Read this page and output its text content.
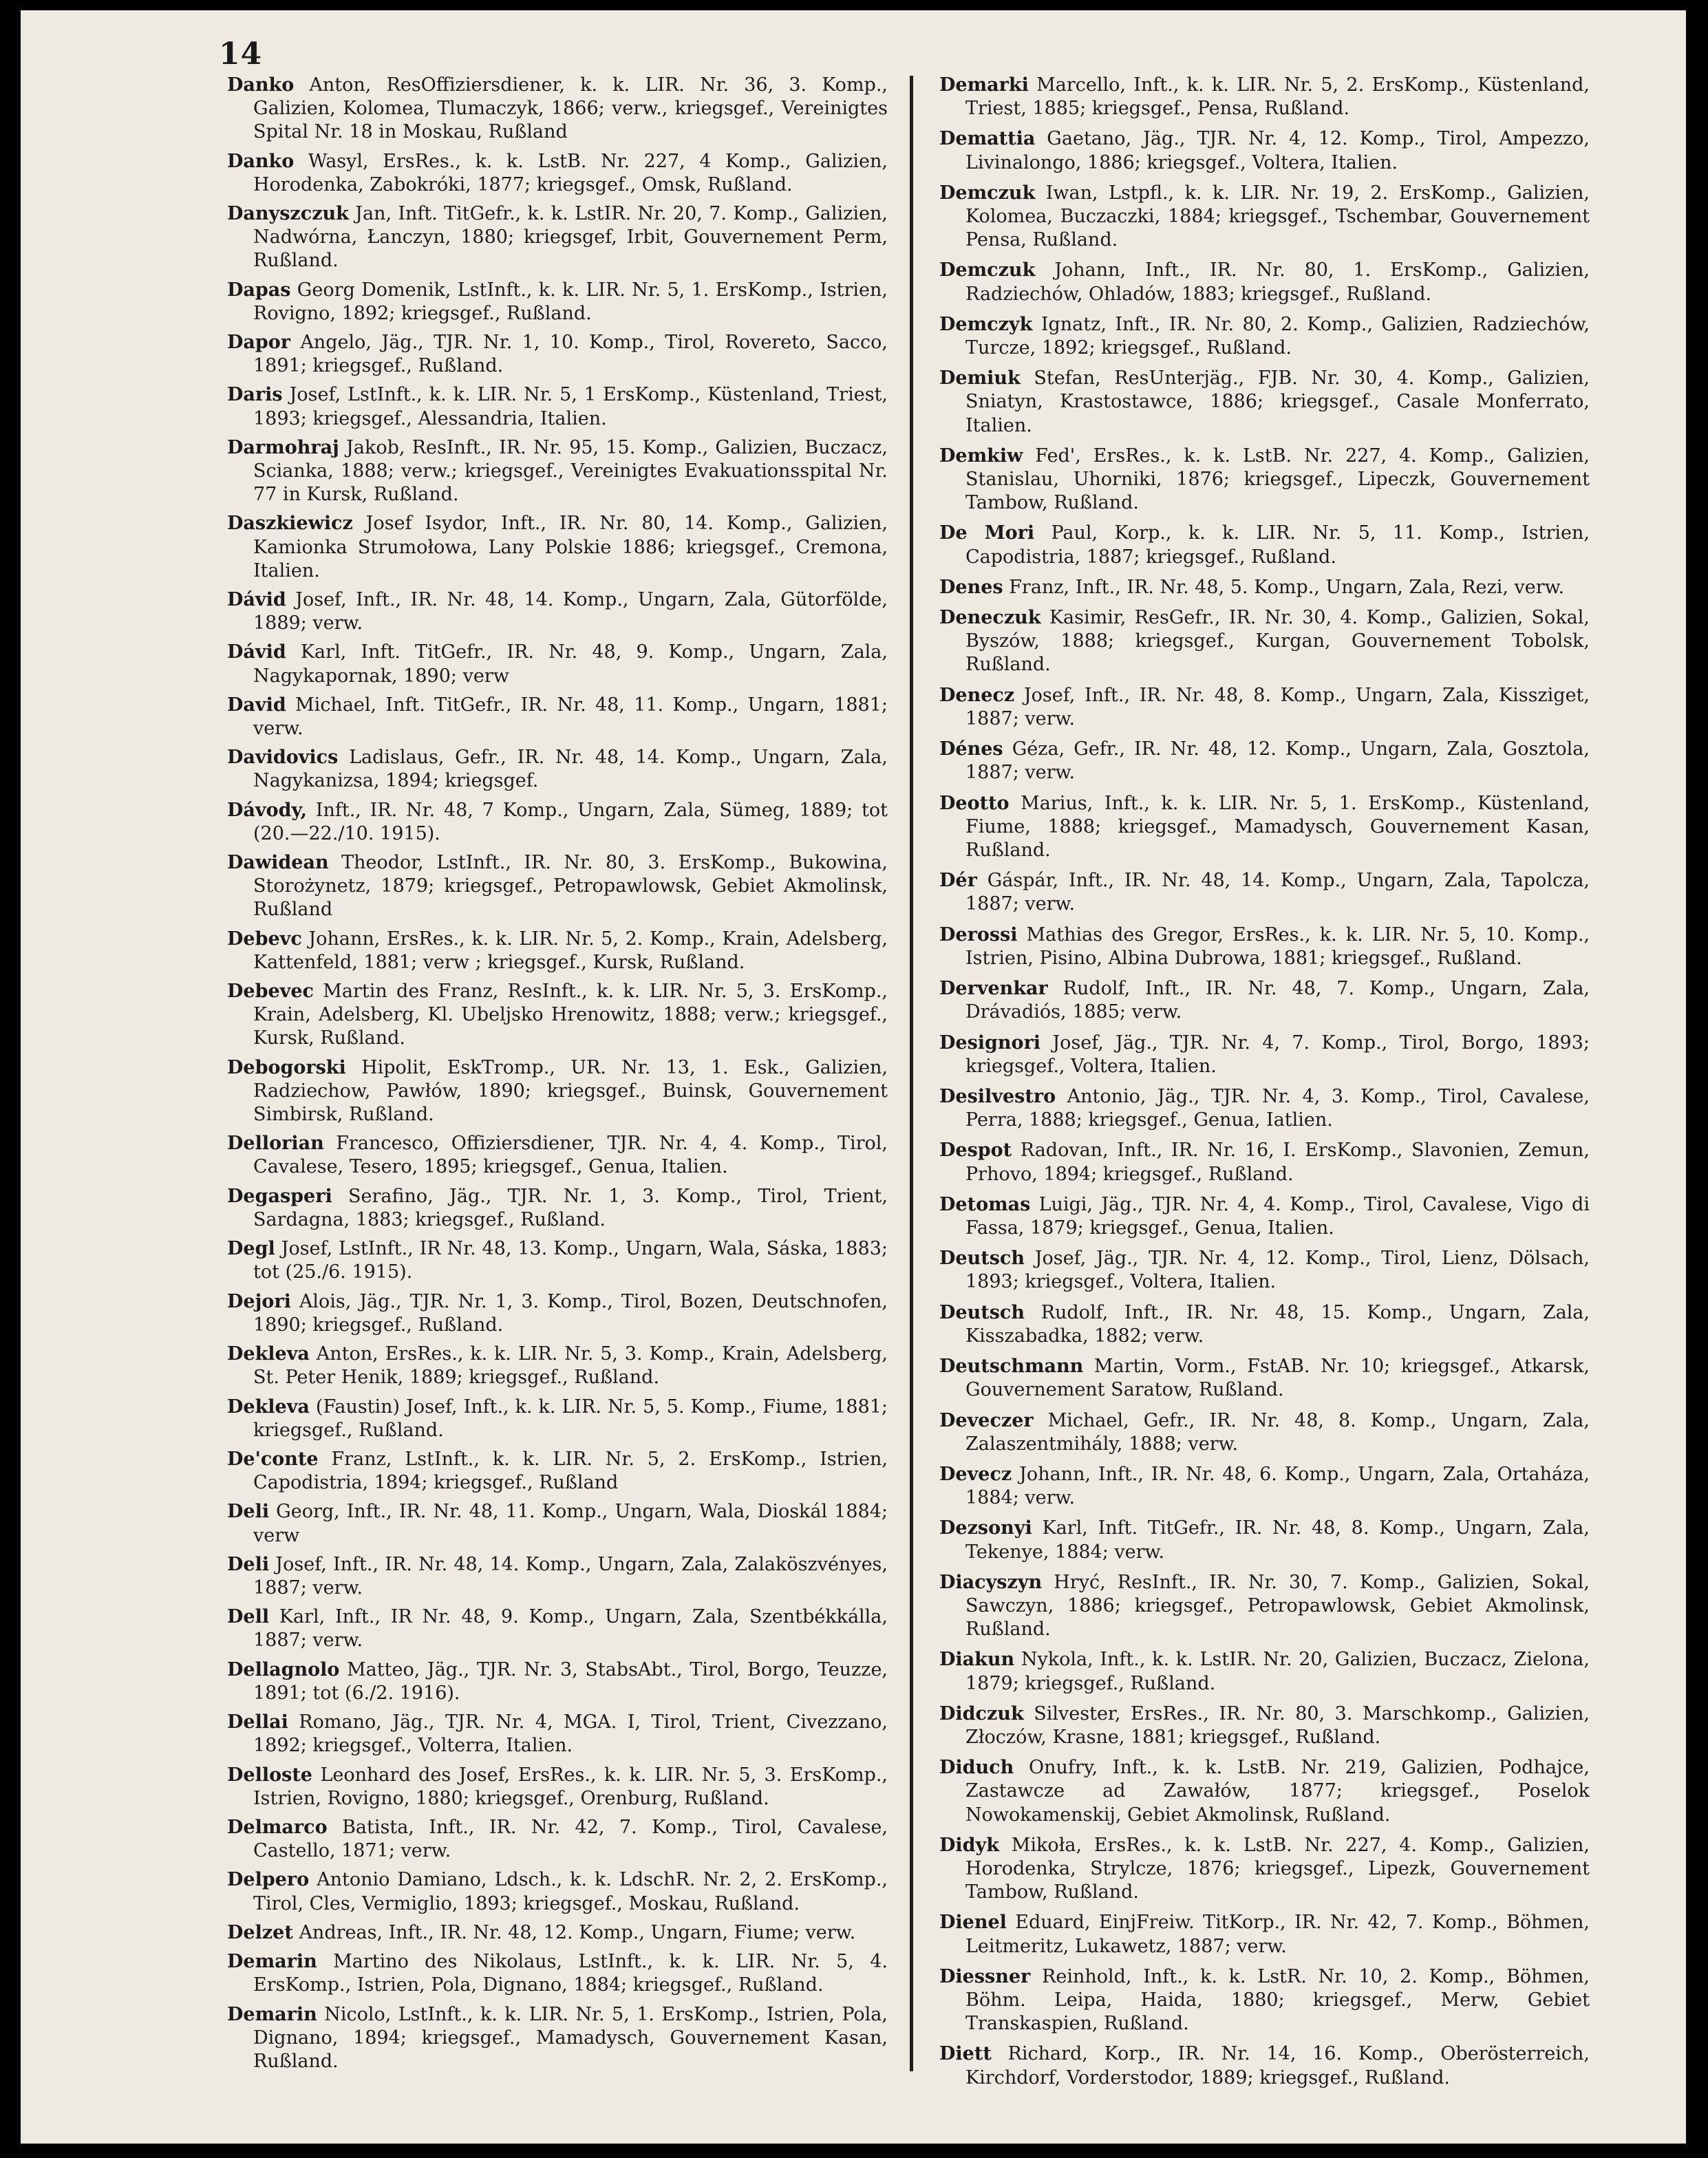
14

Danko Anton, ResOffiziersdiener, k. k. LIR. Nr. 36, 3. Komp., Galizien, Kolomea, Tlumaczyk, 1866; verw., kriegsgef., Vereinigtes Spital Nr. 18 in Moskau, Rußland

Danko Wasyl, ErsRes., k. k. LstB. Nr. 227, 4 Komp., Galizien, Horodenka, Zabokróki, 1877; kriegsgef., Omsk, Rußland.

Danyszczuk Jan, Inft. TitGefr., k. k. LstIR. Nr. 20, 7. Komp., Galizien, Nadwórna, Łanczyn, 1880; kriegsgef, Irbit, Gouvernement Perm, Rußland.

Dapas Georg Domenik, LstInft., k. k. LIR. Nr. 5, 1. ErsKomp., Istrien, Rovigno, 1892; kriegsgef., Rußland.

Dapor Angelo, Jäg., TJR. Nr. 1, 10. Komp., Tirol, Rovereto, Sacco, 1891; kriegsgef., Rußland.

Daris Josef, LstInft., k. k. LIR. Nr. 5, 1 ErsKomp., Küstenland, Triest, 1893; kriegsgef., Alessandria, Italien.

Darmohraj Jakob, ResInft., IR. Nr. 95, 15. Komp., Galizien, Buczacz, Scianka, 1888; verw.; kriegsgef., Vereinigtes Evakuationsspital Nr. 77 in Kursk, Rußland.

Daszkiewicz Josef Isydor, Inft., IR. Nr. 80, 14. Komp., Galizien, Kamionka Strumołowa, Lany Polskie 1886; kriegsgef., Cremona, Italien.

Dávid Josef, Inft., IR. Nr. 48, 14. Komp., Ungarn, Zala, Gütorfölde, 1889; verw.

Dávid Karl, Inft. TitGefr., IR. Nr. 48, 9. Komp., Ungarn, Zala, Nagykapornak, 1890; verw

David Michael, Inft. TitGefr., IR. Nr. 48, 11. Komp., Ungarn, 1881; verw.

Davidovics Ladislaus, Gefr., IR. Nr. 48, 14. Komp., Ungarn, Zala, Nagykanizsa, 1894; kriegsgef.

Dávody, Inft., IR. Nr. 48, 7 Komp., Ungarn, Zala, Sümeg, 1889; tot (20.—22./10. 1915).

Dawidean Theodor, LstInft., IR. Nr. 80, 3. ErsKomp., Bukowina, Storożynetz, 1879; kriegsgef., Petropawlowsk, Gebiet Akmolinsk, Rußland

Debevc Johann, ErsRes., k. k. LIR. Nr. 5, 2. Komp., Krain, Adelsberg, Kattenfeld, 1881; verw ; kriegsgef., Kursk, Rußland.

Debevec Martin des Franz, ResInft., k. k. LIR. Nr. 5, 3. ErsKomp., Krain, Adelsberg, Kl. Ubeljsko Hrenowitz, 1888; verw.; kriegsgef., Kursk, Rußland.

Debogorski Hipolit, EskTromp., UR. Nr. 13, 1. Esk., Galizien, Radziechow, Pawłów, 1890; kriegsgef., Buinsk, Gouvernement Simbirsk, Rußland.

Dellorian Francesco, Offiziersdiener, TJR. Nr. 4, 4. Komp., Tirol, Cavalese, Tesero, 1895; kriegsgef., Genua, Italien.

Degasperi Serafino, Jäg., TJR. Nr. 1, 3. Komp., Tirol, Trient, Sardagna, 1883; kriegsgef., Rußland.

Degl Josef, LstInft., IR Nr. 48, 13. Komp., Ungarn, Wala, Sáska, 1883; tot (25./6. 1915).

Dejori Alois, Jäg., TJR. Nr. 1, 3. Komp., Tirol, Bozen, Deutschnofen, 1890; kriegsgef., Rußland.

Dekleva Anton, ErsRes., k. k. LIR. Nr. 5, 3. Komp., Krain, Adelsberg, St. Peter Henik, 1889; kriegsgef., Rußland.

Dekleva (Faustin) Josef, Inft., k. k. LIR. Nr. 5, 5. Komp., Fiume, 1881; kriegsgef., Rußland.

De'conte Franz, LstInft., k. k. LIR. Nr. 5, 2. ErsKomp., Istrien, Capodistria, 1894; kriegsgef., Rußland

Deli Georg, Inft., IR. Nr. 48, 11. Komp., Ungarn, Wala, Dioskál 1884; verw

Deli Josef, Inft., IR. Nr. 48, 14. Komp., Ungarn, Zala, Zalaköszvényes, 1887; verw.

Dell Karl, Inft., IR Nr. 48, 9. Komp., Ungarn, Zala, Szentbékkálla, 1887; verw.

Dellagnolo Matteo, Jäg., TJR. Nr. 3, StabsAbt., Tirol, Borgo, Teuzze, 1891; tot (6./2. 1916).

Dellai Romano, Jäg., TJR. Nr. 4, MGA. I, Tirol, Trient, Civezzano, 1892; kriegsgef., Volterra, Italien.

Delloste Leonhard des Josef, ErsRes., k. k. LIR. Nr. 5, 3. ErsKomp., Istrien, Rovigno, 1880; kriegsgef., Orenburg, Rußland.

Delmarco Batista, Inft., IR. Nr. 42, 7. Komp., Tirol, Cavalese, Castello, 1871; verw.

Delpero Antonio Damiano, Ldsch., k. k. LdschR. Nr. 2, 2. ErsKomp., Tirol, Cles, Vermiglio, 1893; kriegsgef., Moskau, Rußland.

Delzet Andreas, Inft., IR. Nr. 48, 12. Komp., Ungarn, Fiume; verw.

Demarin Martino des Nikolaus, LstInft., k. k. LIR. Nr. 5, 4. ErsKomp., Istrien, Pola, Dignano, 1884; kriegsgef., Rußland.

Demarin Nicolo, LstInft., k. k. LIR. Nr. 5, 1. ErsKomp., Istrien, Pola, Dignano, 1894; kriegsgef., Mamadysch, Gouvernement Kasan, Rußland.

Demarki Marcello, Inft., k. k. LIR. Nr. 5, 2. ErsKomp., Küstenland, Triest, 1885; kriegsgef., Pensa, Rußland.

Demattia Gaetano, Jäg., TJR. Nr. 4, 12. Komp., Tirol, Ampezzo, Livinalongo, 1886; kriegsgef., Voltera, Italien.

Demczuk Iwan, Lstpfl., k. k. LIR. Nr. 19, 2. ErsKomp., Galizien, Kolomea, Buczaczki, 1884; kriegsgef., Tschembar, Gouvernement Pensa, Rußland.

Demczuk Johann, Inft., IR. Nr. 80, 1. ErsKomp., Galizien, Radziechów, Ohladów, 1883; kriegsgef., Rußland.

Demczyk Ignatz, Inft., IR. Nr. 80, 2. Komp., Galizien, Radziechów, Turcze, 1892; kriegsgef., Rußland.

Demiuk Stefan, ResUnterjäg., FJB. Nr. 30, 4. Komp., Galizien, Sniatyn, Krastostawce, 1886; kriegsgef., Casale Monferrato, Italien.

Demkiw Fed', ErsRes., k. k. LstB. Nr. 227, 4. Komp., Galizien, Stanislau, Uhorniki, 1876; kriegsgef., Lipeczk, Gouvernement Tambow, Rußland.

De Mori Paul, Korp., k. k. LIR. Nr. 5, 11. Komp., Istrien, Capodistria, 1887; kriegsgef., Rußland.

Denes Franz, Inft., IR. Nr. 48, 5. Komp., Ungarn, Zala, Rezi, verw.

Deneczuk Kasimir, ResGefr., IR. Nr. 30, 4. Komp., Galizien, Sokal, Byszów, 1888; kriegsgef., Kurgan, Gouvernement Tobolsk, Rußland.

Denecz Josef, Inft., IR. Nr. 48, 8. Komp., Ungarn, Zala, Kissziget, 1887; verw.

Dénes Géza, Gefr., IR. Nr. 48, 12. Komp., Ungarn, Zala, Gosztola, 1887; verw.

Deotto Marius, Inft., k. k. LIR. Nr. 5, 1. ErsKomp., Küstenland, Fiume, 1888; kriegsgef., Mamadysch, Gouvernement Kasan, Rußland.

Dér Gáspár, Inft., IR. Nr. 48, 14. Komp., Ungarn, Zala, Tapolcza, 1887; verw.

Derossi Mathias des Gregor, ErsRes., k. k. LIR. Nr. 5, 10. Komp., Istrien, Pisino, Albina Dubrowa, 1881; kriegsgef., Rußland.

Dervenkar Rudolf, Inft., IR. Nr. 48, 7. Komp., Ungarn, Zala, Drávadiós, 1885; verw.

Designori Josef, Jäg., TJR. Nr. 4, 7. Komp., Tirol, Borgo, 1893; kriegsgef., Voltera, Italien.

Desilvestro Antonio, Jäg., TJR. Nr. 4, 3. Komp., Tirol, Cavalese, Perra, 1888; kriegsgef., Genua, Iatlien.

Despot Radovan, Inft., IR. Nr. 16, I. ErsKomp., Slavonien, Zemun, Prhovo, 1894; kriegsgef., Rußland.

Detomas Luigi, Jäg., TJR. Nr. 4, 4. Komp., Tirol, Cavalese, Vigo di Fassa, 1879; kriegsgef., Genua, Italien.

Deutsch Josef, Jäg., TJR. Nr. 4, 12. Komp., Tirol, Lienz, Dölsach, 1893; kriegsgef., Voltera, Italien.

Deutsch Rudolf, Inft., IR. Nr. 48, 15. Komp., Ungarn, Zala, Kisszabadka, 1882; verw.

Deutschmann Martin, Vorm., FstAB. Nr. 10; kriegsgef., Atkarsk, Gouvernement Saratow, Rußland.

Deveczer Michael, Gefr., IR. Nr. 48, 8. Komp., Ungarn, Zala, Zalaszentmihály, 1888; verw.

Devecz Johann, Inft., IR. Nr. 48, 6. Komp., Ungarn, Zala, Ortaháza, 1884; verw.

Dezsonyi Karl, Inft. TitGefr., IR. Nr. 48, 8. Komp., Ungarn, Zala, Tekenye, 1884; verw.

Diacyszyn Hryć, ResInft., IR. Nr. 30, 7. Komp., Galizien, Sokal, Sawczyn, 1886; kriegsgef., Petropawlowsk, Gebiet Akmolinsk, Rußland.

Diakun Nykola, Inft., k. k. LstIR. Nr. 20, Galizien, Buczacz, Zielona, 1879; kriegsgef., Rußland.

Didczuk Silvester, ErsRes., IR. Nr. 80, 3. Marschkomp., Galizien, Złoczów, Krasne, 1881; kriegsgef., Rußland.

Diduch Onufry, Inft., k. k. LstB. Nr. 219, Galizien, Podhajce, Zastawcze ad Zawałów, 1877; kriegsgef., Poselok Nowokamenskij, Gebiet Akmolinsk, Rußland.

Didyk Mikoła, ErsRes., k. k. LstB. Nr. 227, 4. Komp., Galizien, Horodenka, Strylcze, 1876; kriegsgef., Lipezk, Gouvernement Tambow, Rußland.

Dienel Eduard, EinjFreiw. TitKorp., IR. Nr. 42, 7. Komp., Böhmen, Leitmeritz, Lukawetz, 1887; verw.

Diessner Reinhold, Inft., k. k. LstR. Nr. 10, 2. Komp., Böhmen, Böhm. Leipa, Haida, 1880; kriegsgef., Merw, Gebiet Transkaspien, Rußland.

Diett Richard, Korp., IR. Nr. 14, 16. Komp., Oberösterreich, Kirchdorf, Vorderstodor, 1889; kriegsgef., Rußland.
